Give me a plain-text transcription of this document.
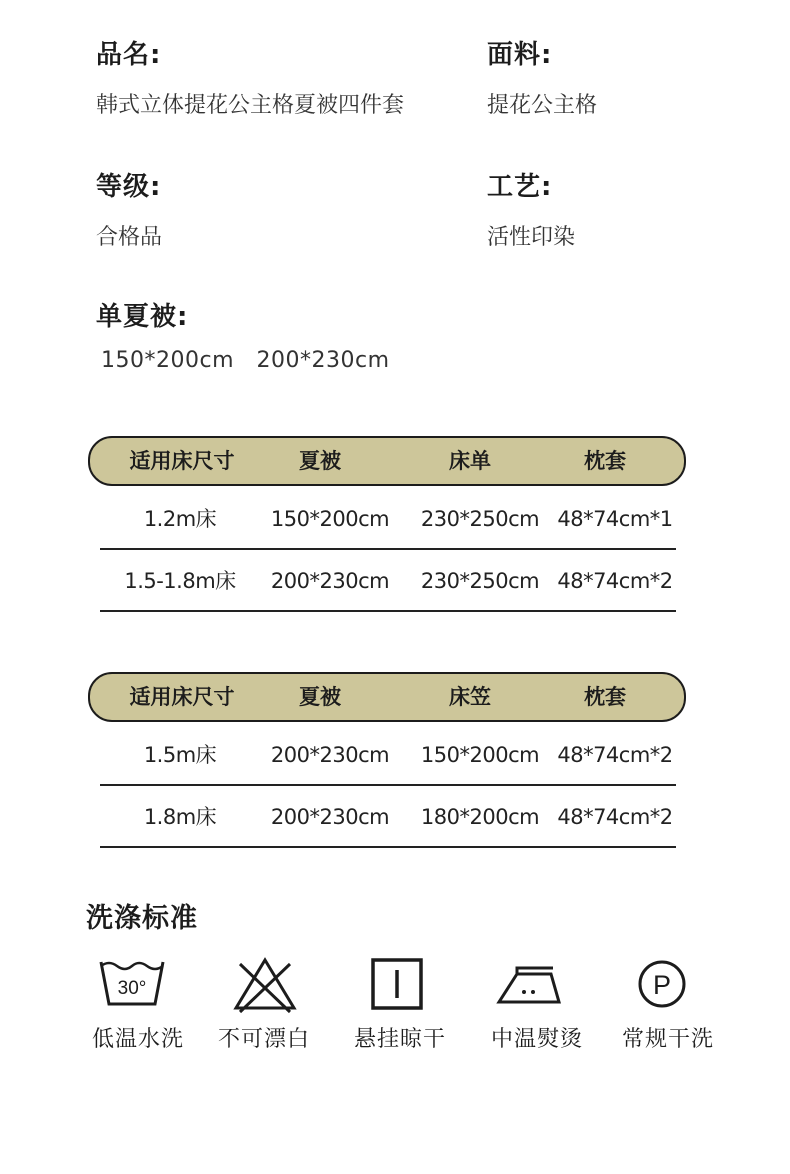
品名:
韩式立体提花公主格夏被四件套
面料:
提花公主格
等级:
合格品
工艺:
活性印染
单夏被:
150*200cm   200*230cm
适用床尺寸	夏被	床单	枕套
1.2m床	150*200cm	230*250cm 48*74cm*1
1.5-1.8m床	200*230cm	230*250cm 48*74cm*2
适用床尺寸	夏被	床笠	枕套
1.5m床	200*230cm	150*200cm 48*74cm*2
1.8m床	200*230cm	180*200cm 48*74cm*2
洗涤标准
30°	P
低温水洗	不可漂白	悬挂晾干	中温熨烫	常规干洗
